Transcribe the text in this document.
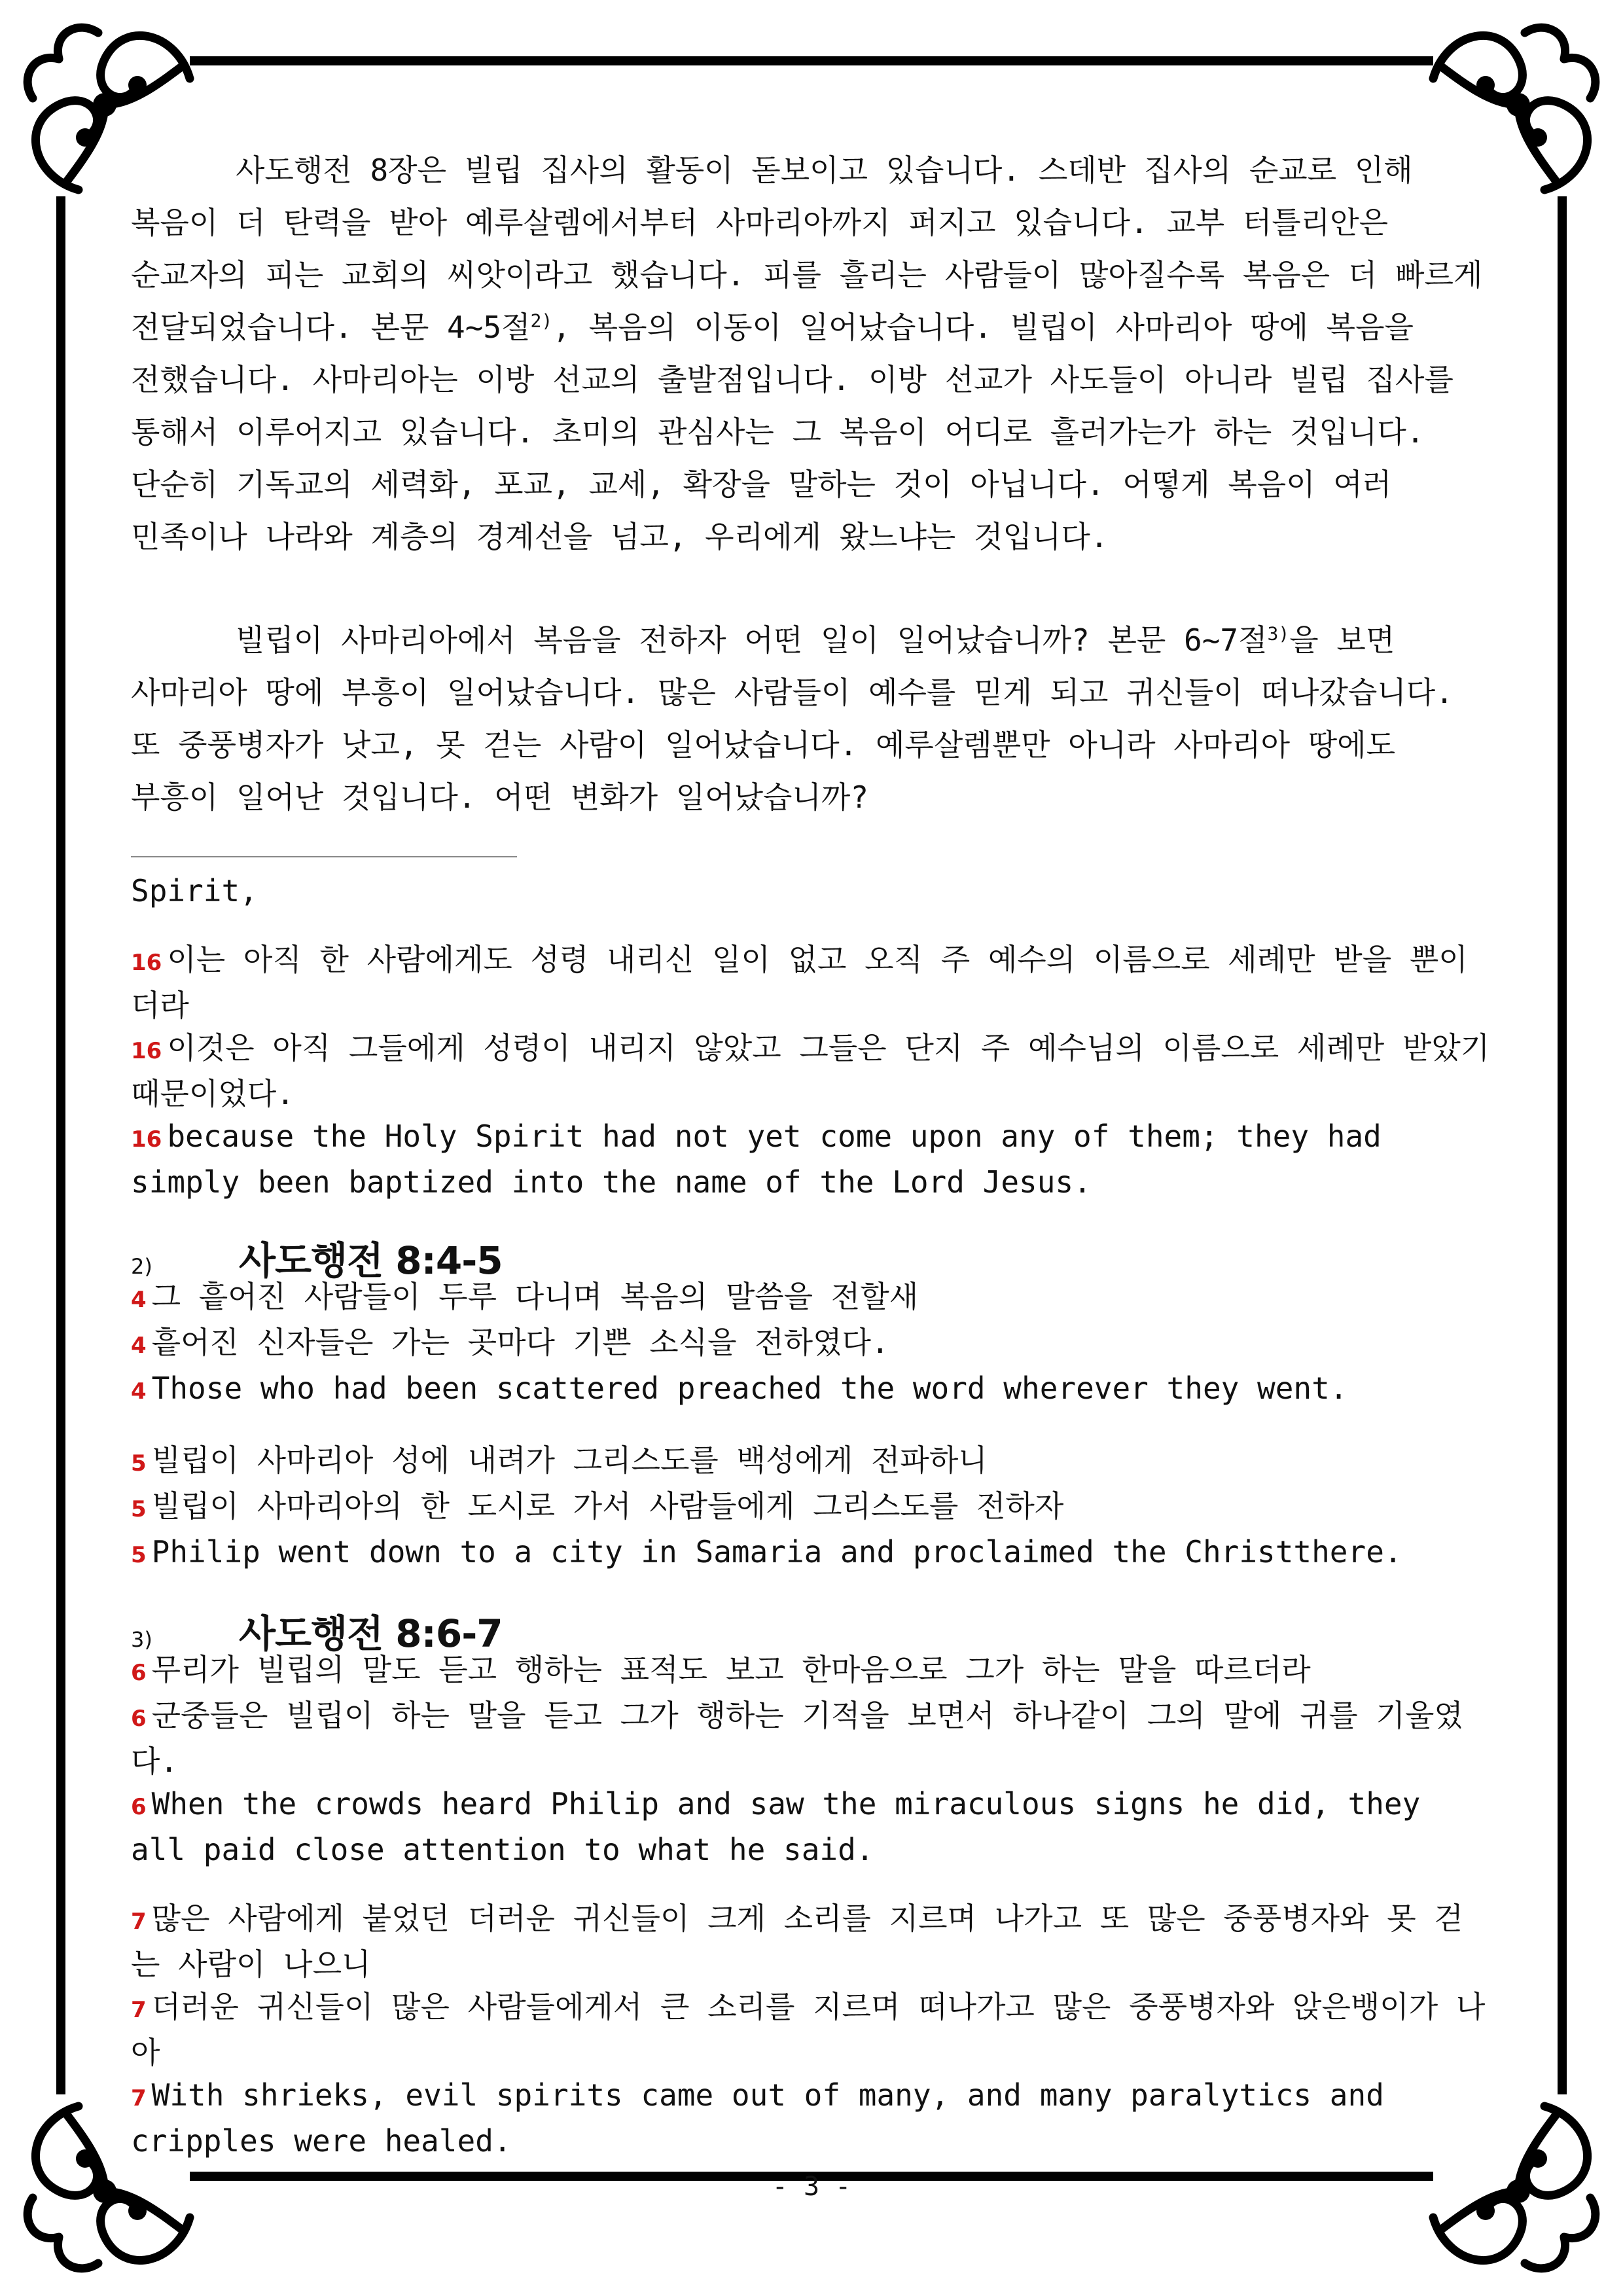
사도행전 8장은 빌립 집사의 활동이 돋보이고 있습니다. 스데반 집사의 순교로 인해 복음이 더 탄력을 받아 예루살렘에서부터 사마리아까지 퍼지고 있습니다. 교부 터틀리안은 순교자의 피는 교회의 씨앗이라고 했습니다. 피를 흘리는 사람들이 많아질수록 복음은 더 빠르게 전달되었습니다. 본문 4~5절$^{2)}$, 복음의 이동이 일어났습니다. 빌립이 사마리아 땅에 복음을 전했습니다. 사마리아는 이방 선교의 출발점입니다. 이방 선교가 사도들이 아니라 빌립 집사를 통해서 이루어지고 있습니다. 초미의 관심사는 그 복음이 어디로 흘러가는가 하는 것입니다. 단순히 기독교의 세력화, 포교, 교세, 확장을 말하는 것이 아닙니다. 어떻게 복음이 여러 민족이나 나라와 계층의 경계선을 넘고, 우리에게 왔느냐는 것입니다.

빌립이 사마리아에서 복음을 전하자 어떤 일이 일어났습니까? 본문 6~7절$^{3)}$을 보면 사마리아 땅에 부흥이 일어났습니다. 많은 사람들이 예수를 믿게 되고 귀신들이 떠나갔습니다. 또 중풍병자가 낫고, 못 걷는 사람이 일어났습니다. 예루살렘뿐만 아니라 사마리아 땅에도 부흥이 일어난 것입니다. 어떤 변화가 일어났습니까?

Spirit,

16 이는 아직 한 사람에게도 성령 내리신 일이 없고 오직 주 예수의 이름으로 세례만 받을 뿐이더라

16 이것은 아직 그들에게 성령이 내리지 않았고 그들은 단지 주 예수님의 이름으로 세례만 받았기 때문이었다.

16 because the Holy Spirit had not yet come upon any of them; they had simply been baptized into the name of the Lord Jesus.

2)	사도행전 8:4-5

4 그 흩어진 사람들이 두루 다니며 복음의 말씀을 전할새

4 흩어진 신자들은 가는 곳마다 기쁜 소식을 전하였다.

4 Those who had been scattered preached the word wherever they went.

5 빌립이 사마리아 성에 내려가 그리스도를 백성에게 전파하니

5 빌립이 사마리아의 한 도시로 가서 사람들에게 그리스도를 전하자

5 Philip went down to a city in Samaria and proclaimed the Christthere.

3)	사도행전 8:6-7

6 무리가 빌립의 말도 듣고 행하는 표적도 보고 한마음으로 그가 하는 말을 따르더라

6 군중들은 빌립이 하는 말을 듣고 그가 행하는 기적을 보면서 하나같이 그의 말에 귀를 기울였다.

6 When the crowds heard Philip and saw the miraculous signs he did, they all paid close attention to what he said.

7 많은 사람에게 붙었던 더러운 귀신들이 크게 소리를 지르며 나가고 또 많은 중풍병자와 못 걷는 사람이 나으니

7 더러운 귀신들이 많은 사람들에게서 큰 소리를 지르며 떠나가고 많은 중풍병자와 앉은뱅이가 나아

7 With shrieks, evil spirits came out of many, and many paralytics and cripples were healed.

- 3 -
